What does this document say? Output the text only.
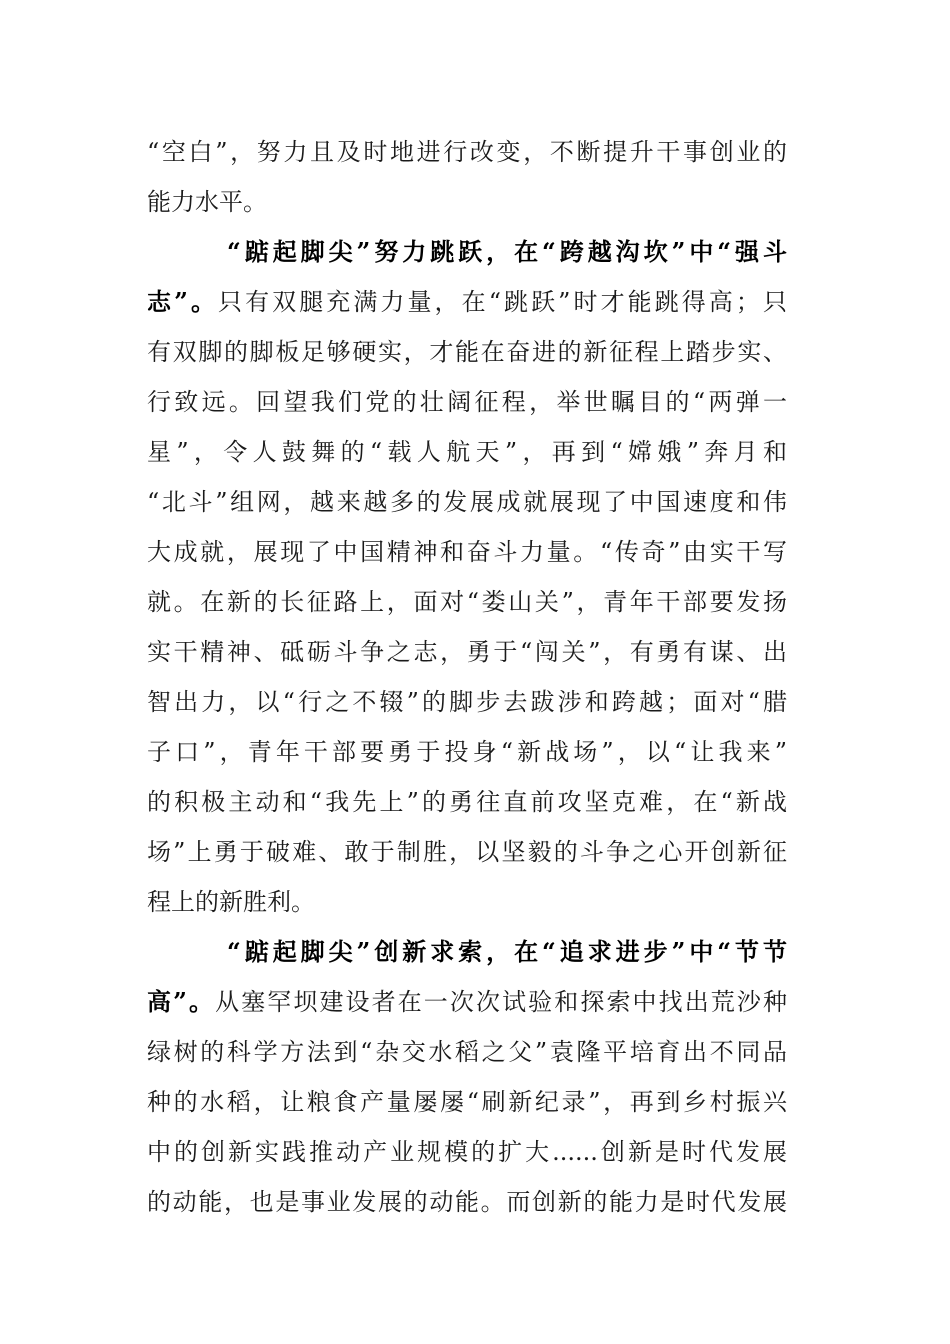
“空白”，努力且及时地进行改变，不断提升干事创业的
能力水平。
“踮起脚尖”努力跳跃，在“跨越沟坎”中“强斗
志”。只有双腿充满力量，在“跳跃”时才能跳得高；只
有双脚的脚板足够硬实，才能在奋进的新征程上踏步实、
行致远。回望我们党的壮阔征程，举世瞩目的“两弹一
星”，令人鼓舞的“载人航天”，再到“嫦娥”奔月和
“北斗”组网，越来越多的发展成就展现了中国速度和伟
大成就，展现了中国精神和奋斗力量。“传奇”由实干写
就。在新的长征路上，面对“娄山关”，青年干部要发扬
实干精神、砥砺斗争之志，勇于“闯关”，有勇有谋、出
智出力，以“行之不辍”的脚步去跋涉和跨越；面对“腊
子口”，青年干部要勇于投身“新战场”，以“让我来”
的积极主动和“我先上”的勇往直前攻坚克难，在“新战
场”上勇于破难、敢于制胜，以坚毅的斗争之心开创新征
程上的新胜利。
“踮起脚尖”创新求索，在“追求进步”中“节节
高”。从塞罕坝建设者在一次次试验和探索中找出荒沙种
绿树的科学方法到“杂交水稻之父”袁隆平培育出不同品
种的水稻，让粮食产量屡屡“刷新纪录”，再到乡村振兴
中的创新实践推动产业规模的扩大......创新是时代发展
的动能，也是事业发展的动能。而创新的能力是时代发展
